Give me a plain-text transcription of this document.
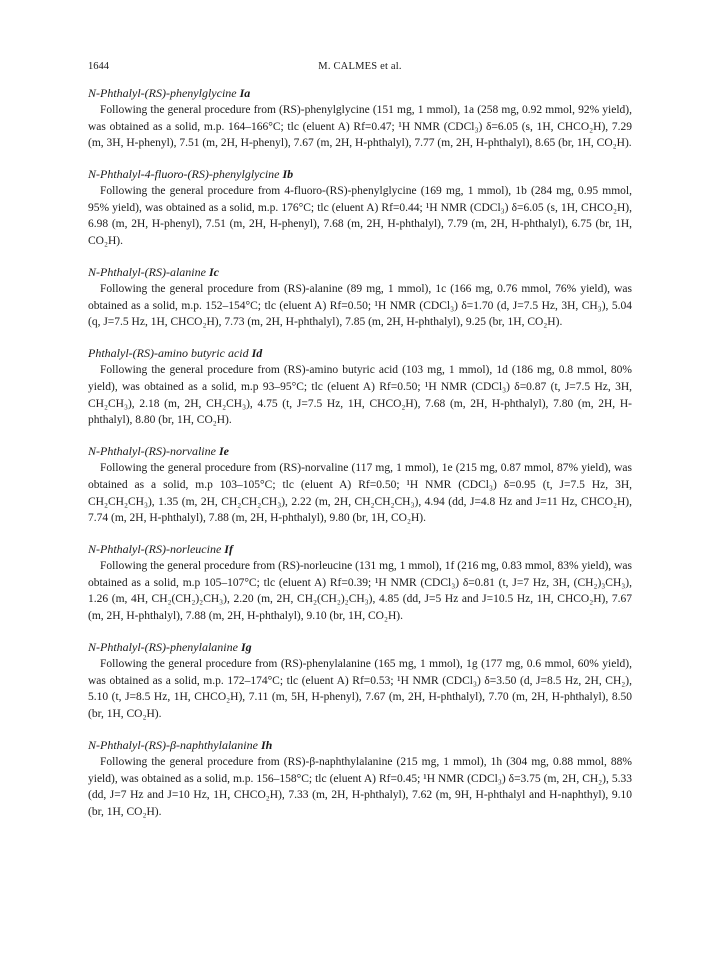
1644	M. CALMES et al.
N-Phthalyl-(RS)-phenylglycine Ia
Following the general procedure from (RS)-phenylglycine (151 mg, 1 mmol), 1a (258 mg, 0.92 mmol, 92% yield), was obtained as a solid, m.p. 164–166°C; tlc (eluent A) Rf=0.47; ¹H NMR (CDCl₃) δ=6.05 (s, 1H, CHCO₂H), 7.29 (m, 3H, H-phenyl), 7.51 (m, 2H, H-phenyl), 7.67 (m, 2H, H-phthalyl), 7.77 (m, 2H, H-phthalyl), 8.65 (br, 1H, CO₂H).
N-Phthalyl-4-fluoro-(RS)-phenylglycine Ib
Following the general procedure from 4-fluoro-(RS)-phenylglycine (169 mg, 1 mmol), 1b (284 mg, 0.95 mmol, 95% yield), was obtained as a solid, m.p. 176°C; tlc (eluent A) Rf=0.44; ¹H NMR (CDCl₃) δ=6.05 (s, 1H, CHCO₂H), 6.98 (m, 2H, H-phenyl), 7.51 (m, 2H, H-phenyl), 7.68 (m, 2H, H-phthalyl), 7.79 (m, 2H, H-phthalyl), 6.75 (br, 1H, CO₂H).
N-Phthalyl-(RS)-alanine Ic
Following the general procedure from (RS)-alanine (89 mg, 1 mmol), 1c (166 mg, 0.76 mmol, 76% yield), was obtained as a solid, m.p. 152–154°C; tlc (eluent A) Rf=0.50; ¹H NMR (CDCl₃) δ=1.70 (d, J=7.5 Hz, 3H, CH₃), 5.04 (q, J=7.5 Hz, 1H, CHCO₂H), 7.73 (m, 2H, H-phthalyl), 7.85 (m, 2H, H-phthalyl), 9.25 (br, 1H, CO₂H).
Phthalyl-(RS)-amino butyric acid Id
Following the general procedure from (RS)-amino butyric acid (103 mg, 1 mmol), 1d (186 mg, 0.8 mmol, 80% yield), was obtained as a solid, m.p 93–95°C; tlc (eluent A) Rf=0.50; ¹H NMR (CDCl₃) δ=0.87 (t, J=7.5 Hz, 3H, CH₂CH₃), 2.18 (m, 2H, CH₂CH₃), 4.75 (t, J=7.5 Hz, 1H, CHCO₂H), 7.68 (m, 2H, H-phthalyl), 7.80 (m, 2H, H-phthalyl), 8.80 (br, 1H, CO₂H).
N-Phthalyl-(RS)-norvaline Ie
Following the general procedure from (RS)-norvaline (117 mg, 1 mmol), 1e (215 mg, 0.87 mmol, 87% yield), was obtained as a solid, m.p 103–105°C; tlc (eluent A) Rf=0.50; ¹H NMR (CDCl₃) δ=0.95 (t, J=7.5 Hz, 3H, CH₂CH₂CH₃), 1.35 (m, 2H, CH₂CH₂CH₃), 2.22 (m, 2H, CH₂CH₂CH₃), 4.94 (dd, J=4.8 Hz and J=11 Hz, CHCO₂H), 7.74 (m, 2H, H-phthalyl), 7.88 (m, 2H, H-phthalyl), 9.80 (br, 1H, CO₂H).
N-Phthalyl-(RS)-norleucine If
Following the general procedure from (RS)-norleucine (131 mg, 1 mmol), 1f (216 mg, 0.83 mmol, 83% yield), was obtained as a solid, m.p 105–107°C; tlc (eluent A) Rf=0.39; ¹H NMR (CDCl₃) δ=0.81 (t, J=7 Hz, 3H, (CH₂)₃CH₃), 1.26 (m, 4H, CH₂(CH₂)₂CH₃), 2.20 (m, 2H, CH₂(CH₂)₂CH₃), 4.85 (dd, J=5 Hz and J=10.5 Hz, 1H, CHCO₂H), 7.67 (m, 2H, H-phthalyl), 7.88 (m, 2H, H-phthalyl), 9.10 (br, 1H, CO₂H).
N-Phthalyl-(RS)-phenylalanine Ig
Following the general procedure from (RS)-phenylalanine (165 mg, 1 mmol), 1g (177 mg, 0.6 mmol, 60% yield), was obtained as a solid, m.p. 172–174°C; tlc (eluent A) Rf=0.53; ¹H NMR (CDCl₃) δ=3.50 (d, J=8.5 Hz, 2H, CH₂), 5.10 (t, J=8.5 Hz, 1H, CHCO₂H), 7.11 (m, 5H, H-phenyl), 7.67 (m, 2H, H-phthalyl), 7.70 (m, 2H, H-phthalyl), 8.50 (br, 1H, CO₂H).
N-Phthalyl-(RS)-β-naphthylalanine Ih
Following the general procedure from (RS)-β-naphthylalanine (215 mg, 1 mmol), 1h (304 mg, 0.88 mmol, 88% yield), was obtained as a solid, m.p. 156–158°C; tlc (eluent A) Rf=0.45; ¹H NMR (CDCl₃) δ=3.75 (m, 2H, CH₂), 5.33 (dd, J=7 Hz and J=10 Hz, 1H, CHCO₂H), 7.33 (m, 2H, H-phthalyl), 7.62 (m, 9H, H-phthalyl and H-naphthyl), 9.10 (br, 1H, CO₂H).
